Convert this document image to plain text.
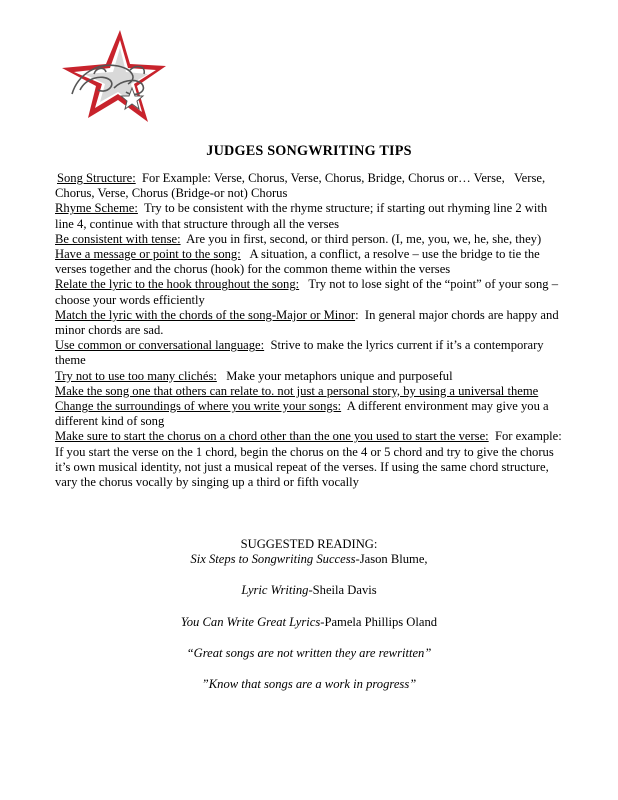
JUDGES SONGWRITING TIPS

Song Structure:  For Example: Verse, Chorus, Verse, Chorus, Bridge, Chorus or… Verse,   Verse, Chorus, Verse, Chorus (Bridge-or not) Chorus

Rhyme Scheme:  Try to be consistent with the rhyme structure; if starting out rhyming line 2 with line 4, continue with that structure through all the verses

Be consistent with tense:  Are you in first, second, or third person. (I, me, you, we, he, she, they)

Have a message or point to the song:   A situation, a conflict, a resolve – use the bridge to tie the verses together and the chorus (hook) for the common theme within the verses

Relate the lyric to the hook throughout the song:   Try not to lose sight of the “point” of your song – choose your words efficiently

Match the lyric with the chords of the song-Major or Minor:  In general major chords are happy and minor chords are sad.

Use common or conversational language:  Strive to make the lyrics current if it’s a contemporary theme

Try not to use too many clichés:   Make your metaphors unique and purposeful

Make the song one that others can relate to. not just a personal story, by using a universal theme

Change the surroundings of where you write your songs:  A different environment may give you a different kind of song

Make sure to start the chorus on a chord other than the one you used to start the verse:  For example:  If you start the verse on the 1 chord, begin the chorus on the 4 or 5 chord and try to give the chorus it’s own musical identity, not just a musical repeat of the verses. If using the same chord structure, vary the chorus vocally by singing up a third or fifth vocally

SUGGESTED READING:

Six Steps to Songwriting Success-Jason Blume,

Lyric Writing-Sheila Davis

You Can Write Great Lyrics-Pamela Phillips Oland

“Great songs are not written they are rewritten”

”Know that songs are a work in progress”
